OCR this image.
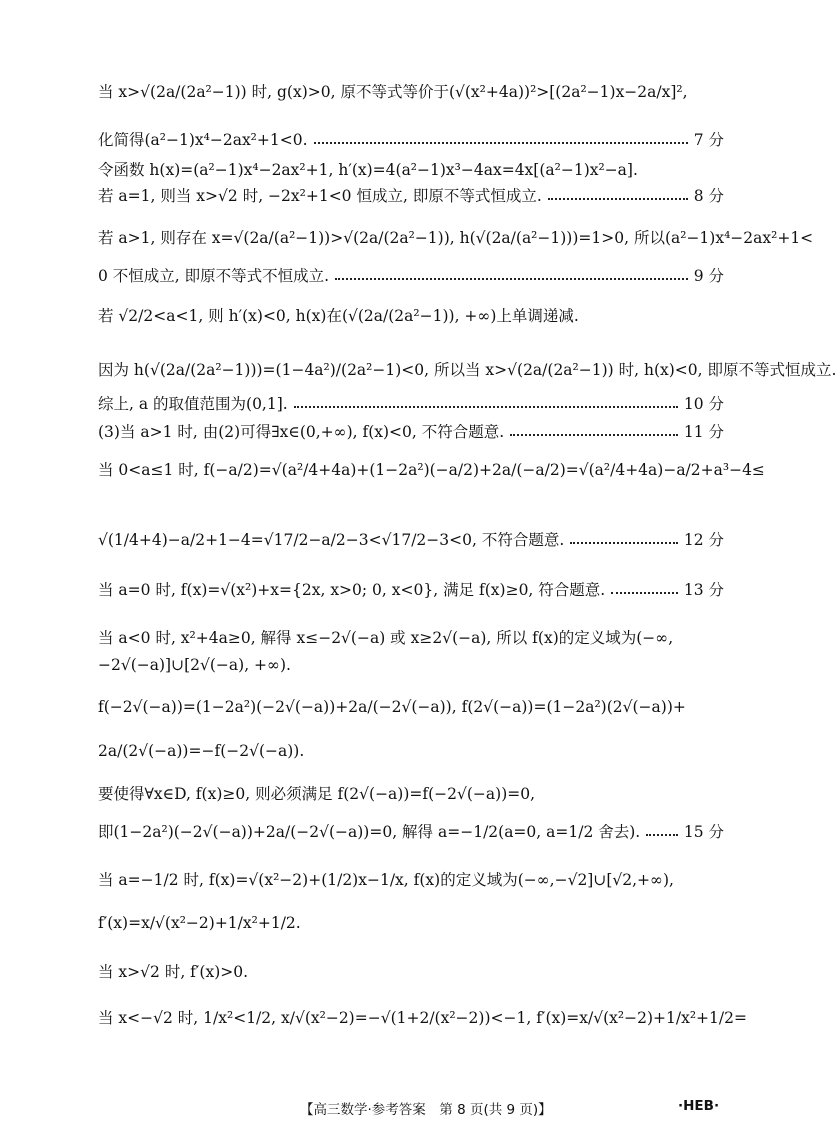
当 x>√(2a/(2a²−1)) 时, g(x)>0, 原不等式等价于(√(x²+4a))²>[(2a²−1)x−2a/x]²,
化简得(a²−1)x⁴−2ax²+1<0.	7 分
令函数 h(x)=(a²−1)x⁴−2ax²+1, h′(x)=4(a²−1)x³−4ax=4x[(a²−1)x²−a].
若 a=1, 则当 x>√2 时, −2x²+1<0 恒成立, 即原不等式恒成立.	8 分
若 a>1, 则存在 x=√(2a/(a²−1))>√(2a/(2a²−1)), h(√(2a/(a²−1)))=1>0, 所以(a²−1)x⁴−2ax²+1<
0 不恒成立, 即原不等式不恒成立.	9 分
若 √2/2<a<1, 则 h′(x)<0, h(x)在(√(2a/(2a²−1)), +∞)上单调递减.
因为 h(√(2a/(2a²−1)))=(1−4a²)/(2a²−1)<0, 所以当 x>√(2a/(2a²−1)) 时, h(x)<0, 即原不等式恒成立.
综上, a 的取值范围为(0,1].	10 分
(3)当 a>1 时, 由(2)可得∃x∈(0,+∞), f(x)<0, 不符合题意.	11 分
当 0<a≤1 时, f(−a/2)=√(a²/4+4a)+(1−2a²)(−a/2)+2a/(−a/2)=√(a²/4+4a)−a/2+a³−4≤
√(1/4+4)−a/2+1−4=√17/2−a/2−3<√17/2−3<0, 不符合题意.	12 分
当 a=0 时, f(x)=√(x²)+x={2x, x>0; 0, x<0}, 满足 f(x)≥0, 符合题意.	13 分
当 a<0 时, x²+4a≥0, 解得 x≤−2√(−a) 或 x≥2√(−a), 所以 f(x)的定义域为(−∞,
−2√(−a)]∪[2√(−a), +∞).
f(−2√(−a))=(1−2a²)(−2√(−a))+2a/(−2√(−a)), f(2√(−a))=(1−2a²)(2√(−a))+
2a/(2√(−a))=−f(−2√(−a)).
要使得∀x∈D, f(x)≥0, 则必须满足 f(2√(−a))=f(−2√(−a))=0,
即(1−2a²)(−2√(−a))+2a/(−2√(−a))=0, 解得 a=−1/2(a=0, a=1/2 舍去).	15 分
当 a=−1/2 时, f(x)=√(x²−2)+(1/2)x−1/x, f(x)的定义域为(−∞,−√2]∪[√2,+∞),
f′(x)=x/√(x²−2)+1/x²+1/2.
当 x>√2 时, f′(x)>0.
当 x<−√2 时, 1/x²<1/2, x/√(x²−2)=−√(1+2/(x²−2))<−1, f′(x)=x/√(x²−2)+1/x²+1/2=
【高三数学·参考答案　第 8 页(共 9 页)】	·HEB·
